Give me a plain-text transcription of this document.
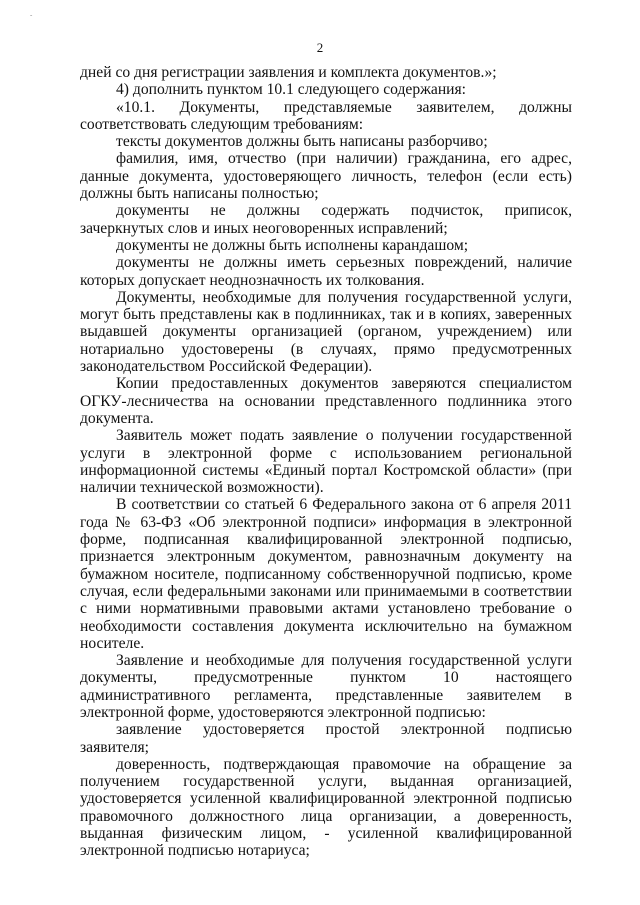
-
2

дней со дня регистрации заявления и комплекта документов.»;

4) дополнить пунктом 10.1 следующего содержания:

«10.1. Документы, представляемые заявителем, должны соответствовать следующим требованиям:

тексты документов должны быть написаны разборчиво;

фамилия, имя, отчество (при наличии) гражданина, его адрес, данные документа, удостоверяющего личность, телефон (если есть) должны быть написаны полностью;

документы не должны содержать подчисток, приписок, зачеркнутых слов и иных неоговоренных исправлений;

документы не должны быть исполнены карандашом;

документы не должны иметь серьезных повреждений, наличие которых допускает неоднозначность их толкования.

Документы, необходимые для получения государственной услуги, могут быть представлены как в подлинниках, так и в копиях, заверенных выдавшей документы организацией (органом, учреждением) или нотариально удостоверены (в случаях, прямо предусмотренных законодательством Российской Федерации).

Копии предоставленных документов заверяются специалистом ОГКУ-лесничества на основании представленного подлинника этого документа.

Заявитель может подать заявление о получении государственной услуги в электронной форме с использованием региональной информационной системы «Единый портал Костромской области» (при наличии технической возможности).

В соответствии со статьей 6 Федерального закона от 6 апреля 2011 года № 63-ФЗ «Об электронной подписи» информация в электронной форме, подписанная квалифицированной электронной подписью, признается электронным документом, равнозначным документу на бумажном носителе, подписанному собственноручной подписью, кроме случая, если федеральными законами или принимаемыми в соответствии с ними нормативными правовыми актами установлено требование о необходимости составления документа исключительно на бумажном носителе.

Заявление и необходимые для получения государственной услуги документы, предусмотренные пунктом 10 настоящего административного регламента, представленные заявителем в электронной форме, удостоверяются электронной подписью:

заявление удостоверяется простой электронной подписью заявителя;

доверенность, подтверждающая правомочие на обращение за получением государственной услуги, выданная организацией, удостоверяется усиленной квалифицированной электронной подписью правомочного должностного лица организации, а доверенность, выданная физическим лицом, - усиленной квалифицированной электронной подписью нотариуса;
